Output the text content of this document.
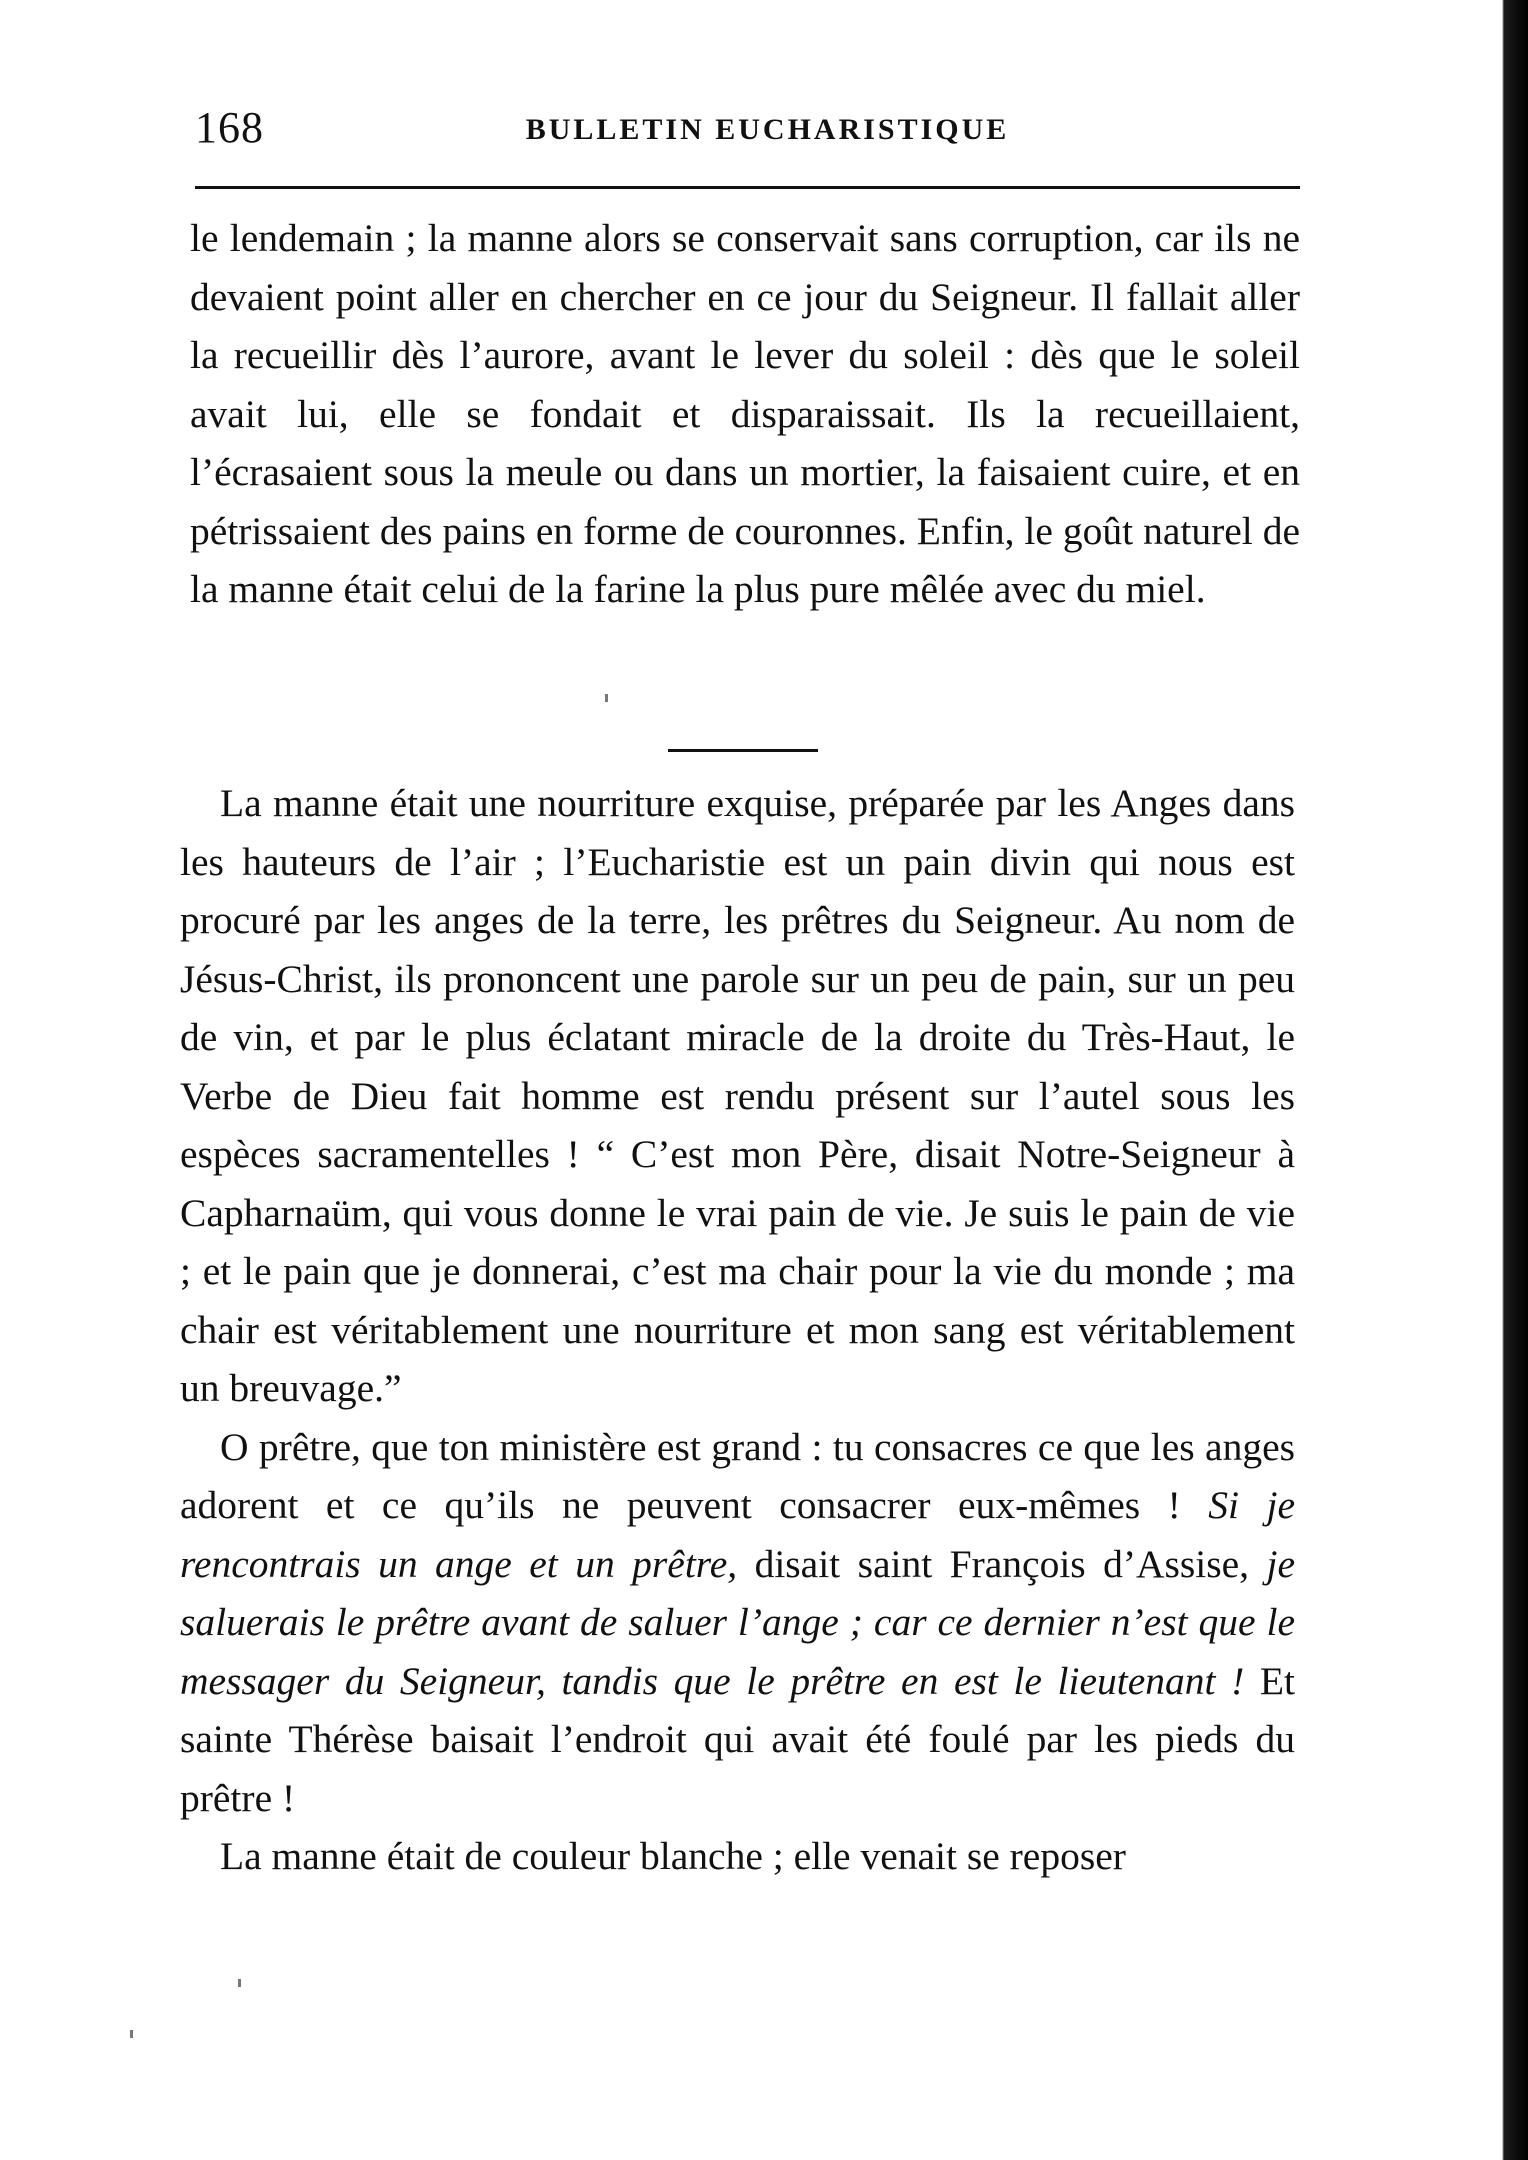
168	BULLETIN EUCHARISTIQUE

le lendemain ; la manne alors se conservait sans corruption, car ils ne devaient point aller en chercher en ce jour du Seigneur. Il fallait aller la recueillir dès l’aurore, avant le lever du soleil : dès que le soleil avait lui, elle se fondait et disparaissait. Ils la recueillaient, l’écrasaient sous la meule ou dans un mortier, la faisaient cuire, et en pétrissaient des pains en forme de couronnes. Enfin, le goût naturel de la manne était celui de la farine la plus pure mêlée avec du miel.

La manne était une nourriture exquise, préparée par les Anges dans les hauteurs de l’air ; l’Eucharistie est un pain divin qui nous est procuré par les anges de la terre, les prêtres du Seigneur. Au nom de Jésus-Christ, ils prononcent une parole sur un peu de pain, sur un peu de vin, et par le plus éclatant miracle de la droite du Très-Haut, le Verbe de Dieu fait homme est rendu présent sur l’autel sous les espèces sacramentelles ! “ C’est mon Père, disait Notre-Seigneur à Capharnaüm, qui vous donne le vrai pain de vie. Je suis le pain de vie ; et le pain que je donnerai, c’est ma chair pour la vie du monde ; ma chair est véritablement une nourriture et mon sang est véritablement un breuvage.”

O prêtre, que ton ministère est grand : tu consacres ce que les anges adorent et ce qu’ils ne peuvent consacrer eux-mêmes ! Si je rencontrais un ange et un prêtre, disait saint François d’Assise, je saluerais le prêtre avant de saluer l’ange ; car ce dernier n’est que le messager du Seigneur, tandis que le prêtre en est le lieutenant ! Et sainte Thérèse baisait l’endroit qui avait été foulé par les pieds du prêtre !

La manne était de couleur blanche ; elle venait se reposer
